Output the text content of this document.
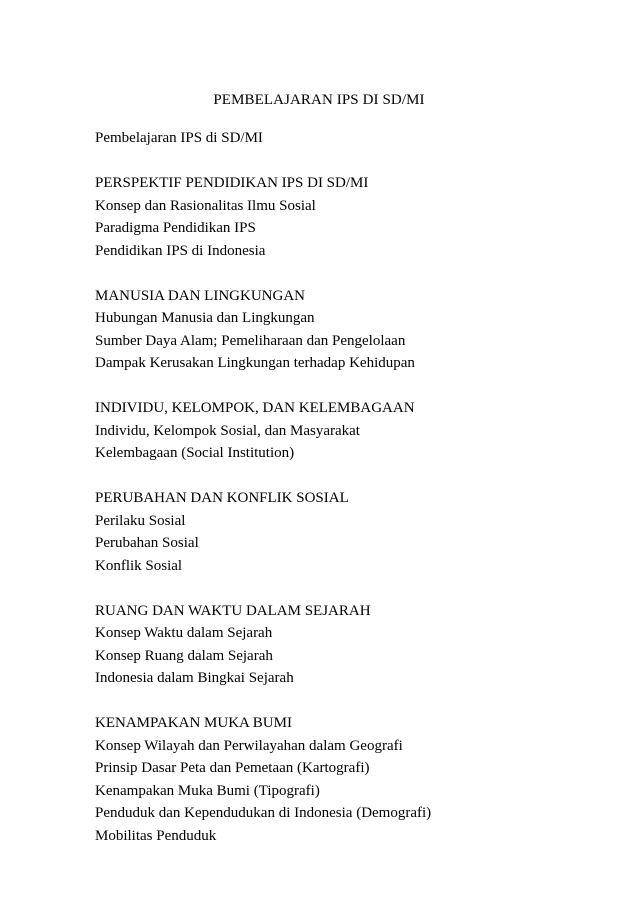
PEMBELAJARAN IPS DI SD/MI
Pembelajaran IPS di SD/MI
PERSPEKTIF PENDIDIKAN IPS DI SD/MI
Konsep dan Rasionalitas Ilmu Sosial
Paradigma Pendidikan IPS
Pendidikan IPS di Indonesia
MANUSIA DAN LINGKUNGAN
Hubungan Manusia dan Lingkungan
Sumber Daya Alam; Pemeliharaan dan Pengelolaan
Dampak Kerusakan Lingkungan terhadap Kehidupan
INDIVIDU, KELOMPOK, DAN KELEMBAGAAN
Individu, Kelompok Sosial, dan Masyarakat
Kelembagaan (Social Institution)
PERUBAHAN DAN KONFLIK SOSIAL
Perilaku Sosial
Perubahan Sosial
Konflik Sosial
RUANG DAN WAKTU DALAM SEJARAH
Konsep Waktu dalam Sejarah
Konsep Ruang dalam Sejarah
Indonesia dalam Bingkai Sejarah
KENAMPAKAN MUKA BUMI
Konsep Wilayah dan Perwilayahan dalam Geografi
Prinsip Dasar Peta dan Pemetaan (Kartografi)
Kenampakan Muka Bumi (Tipografi)
Penduduk dan Kependudukan di Indonesia (Demografi)
Mobilitas Penduduk
